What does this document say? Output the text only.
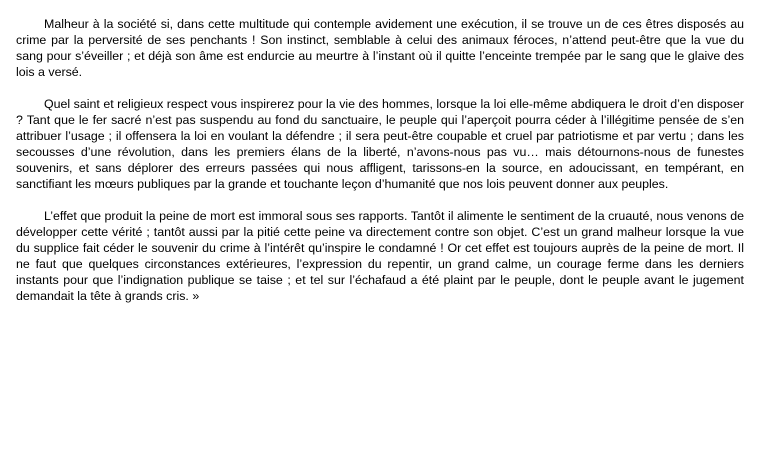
Malheur à la société si, dans cette multitude qui contemple avidement une exécution, il se trouve un de ces êtres disposés au crime par la perversité de ses penchants ! Son instinct, semblable à celui des animaux féroces, n’attend peut-être que la vue du sang pour s’éveiller ; et déjà son âme est endurcie au meurtre à l’instant où il quitte l’enceinte trempée par le sang que le glaive des lois a versé.

Quel saint et religieux respect vous inspirerez pour la vie des hommes, lorsque la loi elle-même abdiquera le droit d’en disposer ? Tant que le fer sacré n’est pas suspendu au fond du sanctuaire, le peuple qui l’aperçoit pourra céder à l’illégitime pensée de s’en attribuer l’usage ; il offensera la loi en voulant la défendre ; il sera peut-être coupable et cruel par patriotisme et par vertu ; dans les secousses d’une révolution, dans les premiers élans de la liberté, n’avons-nous pas vu… mais détournons-nous de funestes souvenirs, et sans déplorer des erreurs passées qui nous affligent, tarissons-en la source, en adoucissant, en tempérant, en sanctifiant les mœurs publiques par la grande et touchante leçon d’humanité que nos lois peuvent donner aux peuples.

L’effet que produit la peine de mort est immoral sous ses rapports. Tantôt il alimente le sentiment de la cruauté, nous venons de développer cette vérité ; tantôt aussi par la pitié cette peine va directement contre son objet. C’est un grand malheur lorsque la vue du supplice fait céder le souvenir du crime à l’intérêt qu’inspire le condamné ! Or cet effet est toujours auprès de la peine de mort. Il ne faut que quelques circonstances extérieures, l’expression du repentir, un grand calme, un courage ferme dans les derniers instants pour que l’indignation publique se taise ; et tel sur l’échafaud a été plaint par le peuple, dont le peuple avant le jugement demandait la tête à grands cris. »
